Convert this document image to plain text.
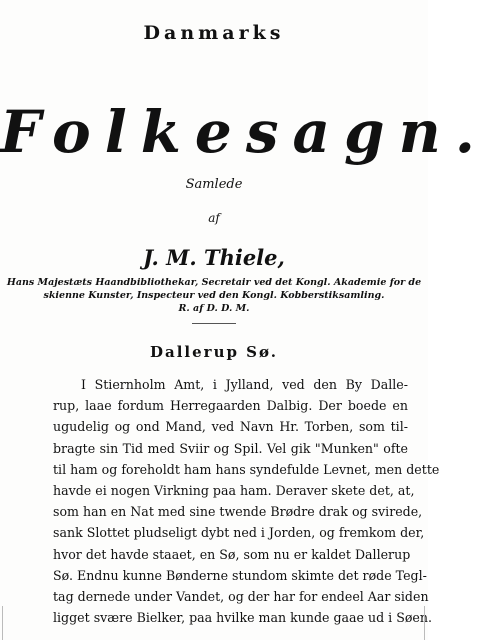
Danmarks
Folkesagn.
Samlede
af
J. M. Thiele,
Hans Majestæts Haandbibliothekar, Secretair ved det Kongl. Akademie for de
skienne Kunster, Inspecteur ved den Kongl. Kobberstiksamling.
R. af D. D. M.
Dallerup Sø.
I Stiernholm Amt, i Jylland, ved den By Dalle-
rup, laae fordum Herregaarden Dalbig. Der boede en
ugudelig og ond Mand, ved Navn Hr. Torben, som til-
bragte sin Tid med Sviir og Spil. Vel gik "Munken" ofte
til ham og foreholdt ham hans syndefulde Levnet, men dette
havde ei nogen Virkning paa ham. Deraver skete det, at,
som han en Nat med sine twende Brødre drak og svirede,
sank Slottet pludseligt dybt ned i Jorden, og fremkom der,
hvor det havde staaet, en Sø, som nu er kaldet Dallerup
Sø. Endnu kunne Bønderne stundom skimte det røde Tegl-
tag dernede under Vandet, og der har for endeel Aar siden
ligget svære Bielker, paa hvilke man kunde gaae ud i Søen.
